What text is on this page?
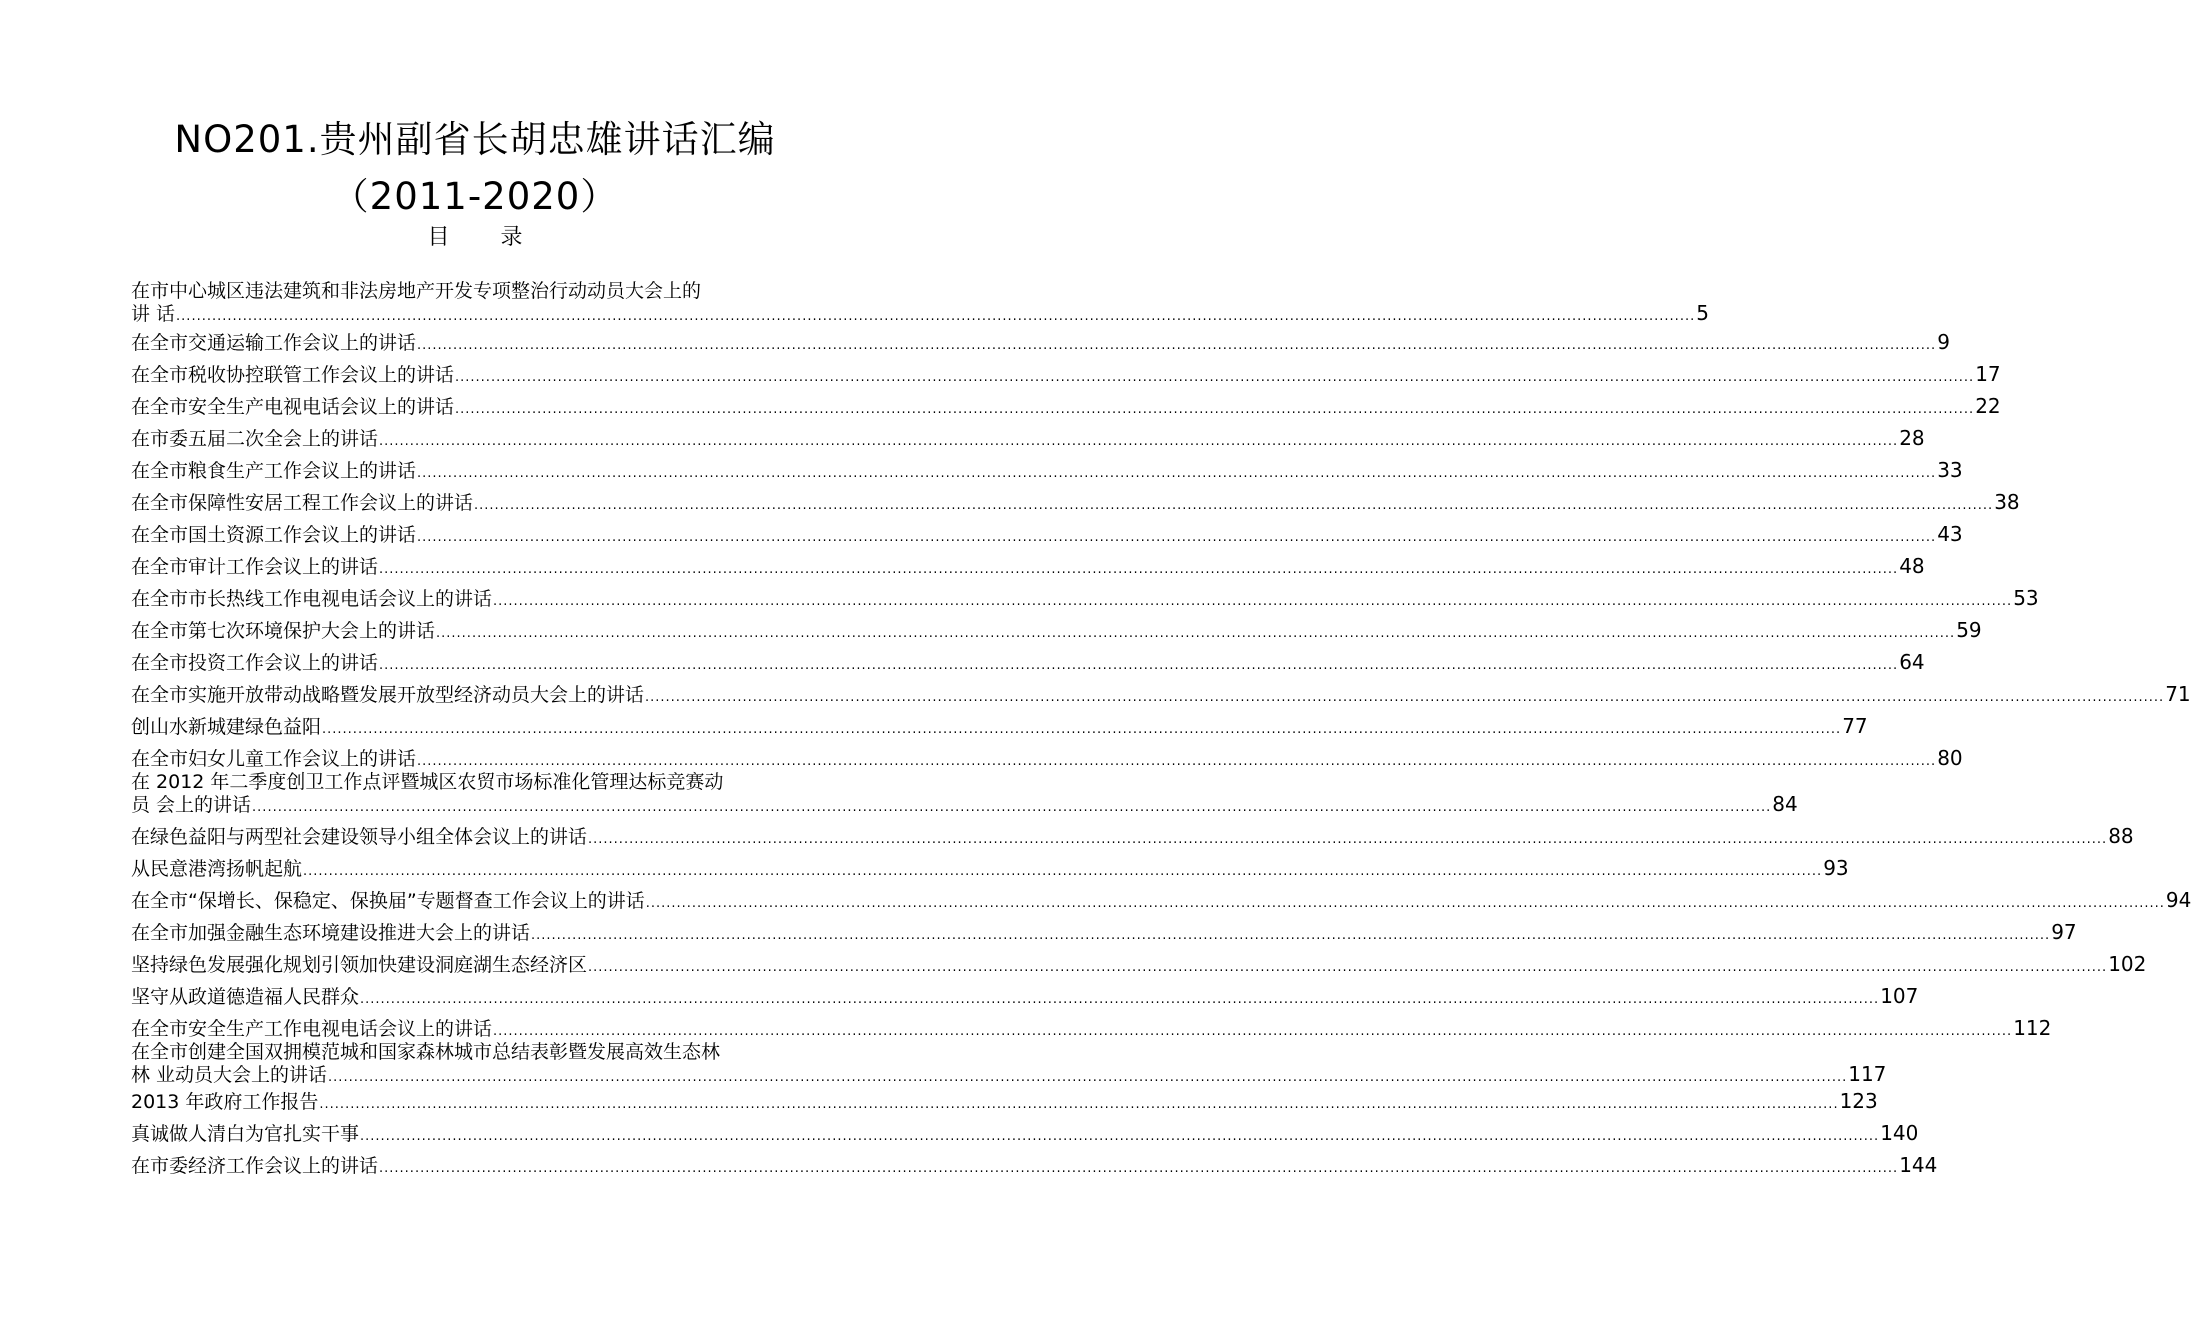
NO201.贵州副省长胡忠雄讲话汇编
（2011-2020）
目 录
在市中心城区违法建筑和非法房地产开发专项整治行动动员大会上的
讲 话 .....	5
在全市交通运输工作会议上的讲话 .....	9
在全市税收协控联管工作会议上的讲话 .....	17
在全市安全生产电视电话会议上的讲话 .....	22
在市委五届二次全会上的讲话 .....	28
在全市粮食生产工作会议上的讲话 .....	33
在全市保障性安居工程工作会议上的讲话 .....	38
在全市国土资源工作会议上的讲话 .....	43
在全市审计工作会议上的讲话 .....	48
在全市市长热线工作电视电话会议上的讲话 .....	53
在全市第七次环境保护大会上的讲话 .....	59
在全市投资工作会议上的讲话 .....	64
在全市实施开放带动战略暨发展开放型经济动员大会上的讲话 .....	71
创山水新城建绿色益阳 .....	77
在全市妇女儿童工作会议上的讲话 .....	80
在 2012 年二季度创卫工作点评暨城区农贸市场标准化管理达标竞赛动
员 会上的讲话 .....	84
在绿色益阳与两型社会建设领导小组全体会议上的讲话 .....	88
从民意港湾扬帆起航 .....	93
在全市“保增长、保稳定、保换届”专题督查工作会议上的讲话 .....	94
在全市加强金融生态环境建设推进大会上的讲话 .....	97
坚持绿色发展强化规划引领加快建设洞庭湖生态经济区 .....	102
坚守从政道德造福人民群众 .....	107
在全市安全生产工作电视电话会议上的讲话 .....	112
在全市创建全国双拥模范城和国家森林城市总结表彰暨发展高效生态林
林 业动员大会上的讲话 .....	117
2013 年政府工作报告 .....	123
真诚做人清白为官扎实干事 .....	140
在市委经济工作会议上的讲话 .....	144
